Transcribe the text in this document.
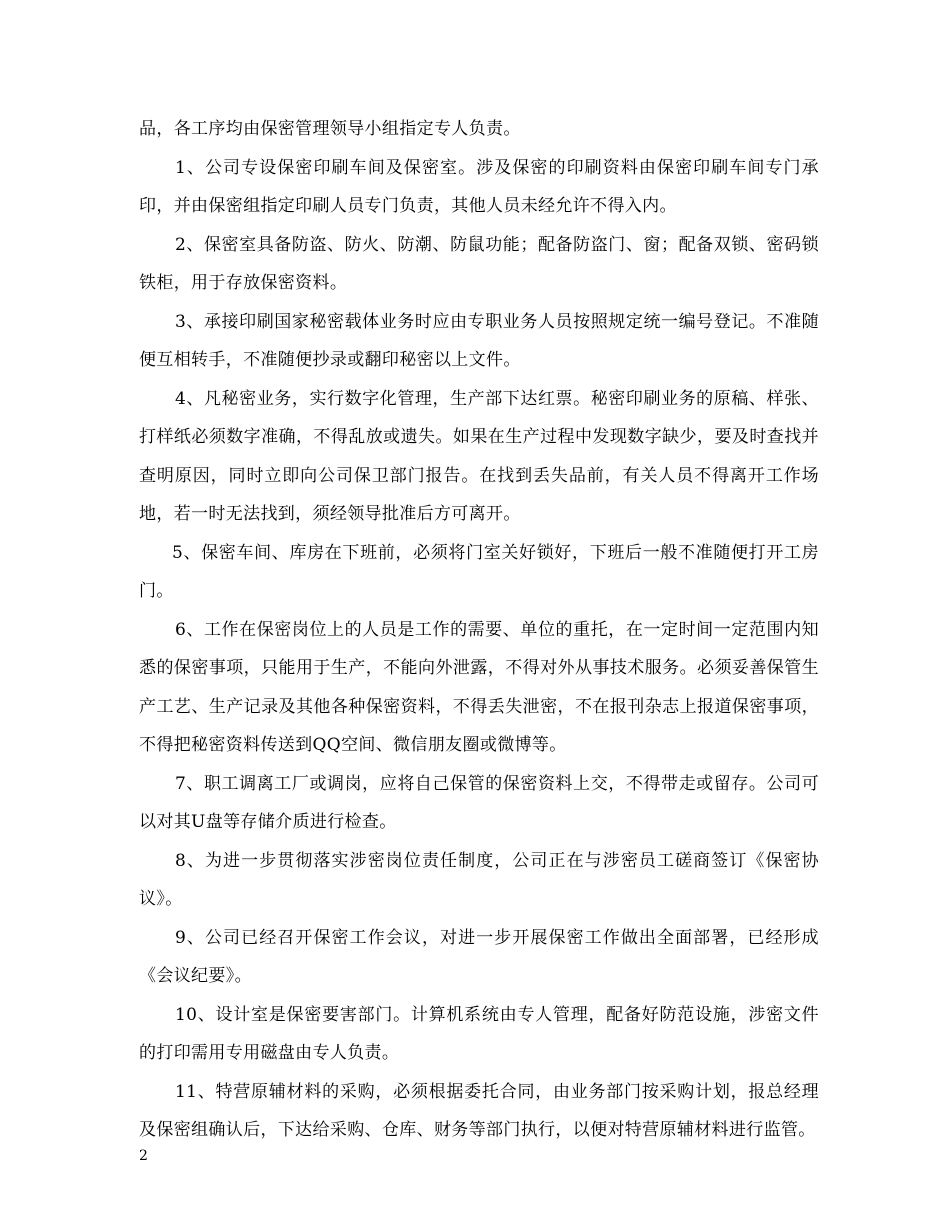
品，各工序均由保密管理领导小组指定专人负责。

1、公司专设保密印刷车间及保密室。涉及保密的印刷资料由保密印刷车间专门承印，并由保密组指定印刷人员专门负责，其他人员未经允许不得入内。

2、保密室具备防盗、防火、防潮、防鼠功能；配备防盗门、窗；配备双锁、密码锁铁柜，用于存放保密资料。

3、承接印刷国家秘密载体业务时应由专职业务人员按照规定统一编号登记。不准随便互相转手，不准随便抄录或翻印秘密以上文件。

4、凡秘密业务，实行数字化管理，生产部下达红票。秘密印刷业务的原稿、样张、打样纸必须数字准确，不得乱放或遗失。如果在生产过程中发现数字缺少，要及时查找并查明原因，同时立即向公司保卫部门报告。在找到丢失品前，有关人员不得离开工作场地，若一时无法找到，须经领导批准后方可离开。

5、保密车间、库房在下班前，必须将门室关好锁好，下班后一般不准随便打开工房门。

6、工作在保密岗位上的人员是工作的需要、单位的重托，在一定时间一定范围内知悉的保密事项，只能用于生产，不能向外泄露，不得对外从事技术服务。必须妥善保管生产工艺、生产记录及其他各种保密资料，不得丢失泄密，不在报刊杂志上报道保密事项，不得把秘密资料传送到QQ空间、微信朋友圈或微博等。

7、职工调离工厂或调岗，应将自己保管的保密资料上交，不得带走或留存。公司可以对其U盘等存储介质进行检查。

8、为进一步贯彻落实涉密岗位责任制度，公司正在与涉密员工磋商签订《保密协议》。

9、公司已经召开保密工作会议，对进一步开展保密工作做出全面部署，已经形成《会议纪要》。

10、设计室是保密要害部门。计算机系统由专人管理，配备好防范设施，涉密文件的打印需用专用磁盘由专人负责。

11、特营原辅材料的采购，必须根据委托合同，由业务部门按采购计划，报总经理及保密组确认后，下达给采购、仓库、财务等部门执行，以便对特营原辅材料进行监管。

2
